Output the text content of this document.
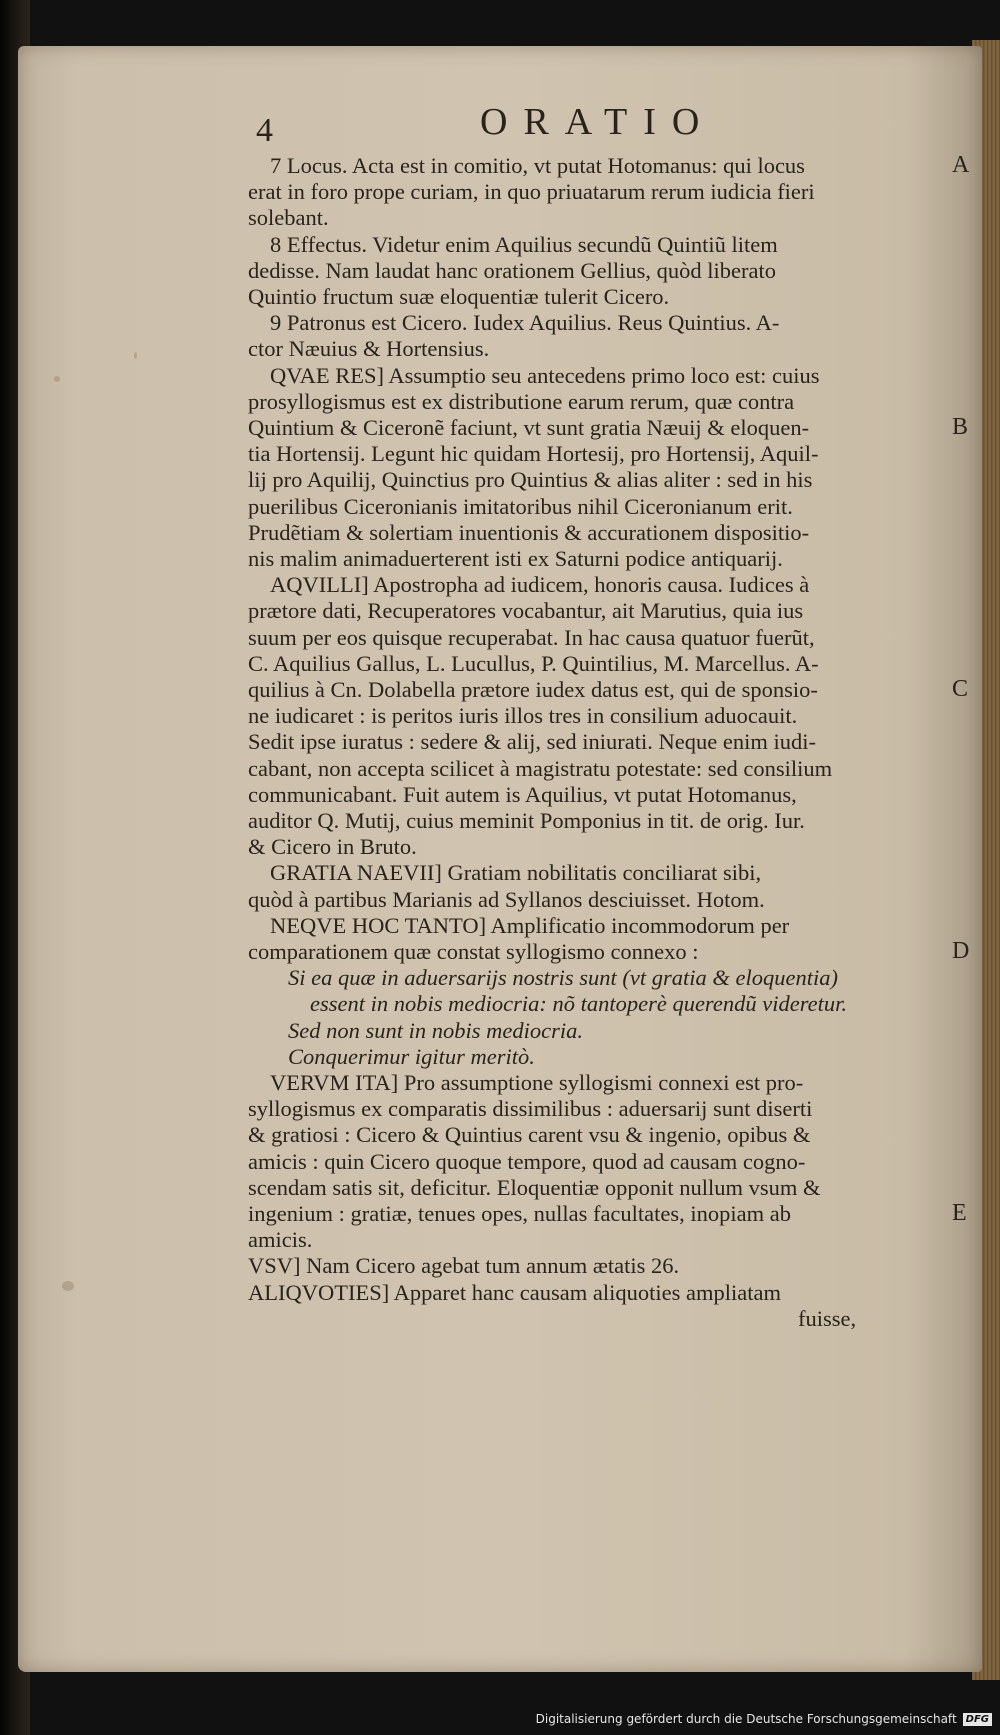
4	ORATIO
7 Locus. Acta est in comitio, vt putat Hotomanus: qui locus
erat in foro prope curiam, in quo priuatarum rerum iudicia fieri
solebant.
8 Effectus. Videtur enim Aquilius secundũ Quintiũ litem
dedisse. Nam laudat hanc orationem Gellius, quòd liberato
Quintio fructum suæ eloquentiæ tulerit Cicero.
9 Patronus est Cicero. Iudex Aquilius. Reus Quintius. A-
ctor Næuius & Hortensius.
QVAE RES] Assumptio seu antecedens primo loco est: cuius
prosyllogismus est ex distributione earum rerum, quæ contra
Quintium & Ciceronẽ faciunt, vt sunt gratia Næuij & eloquen-
tia Hortensij. Legunt hic quidam Hortesij, pro Hortensij, Aquil-
lij pro Aquilij, Quinctius pro Quintius & alias aliter : sed in his
puerilibus Ciceronianis imitatoribus nihil Ciceronianum erit.
Prudẽtiam & solertiam inuentionis & accurationem dispositio-
nis malim animaduerterent isti ex Saturni podice antiquarij.
AQVILLI] Apostropha ad iudicem, honoris causa. Iudices à
prætore dati, Recuperatores vocabantur, ait Marutius, quia ius
suum per eos quisque recuperabat. In hac causa quatuor fuerũt,
C. Aquilius Gallus, L. Lucullus, P. Quintilius, M. Marcellus. A-
quilius à Cn. Dolabella prætore iudex datus est, qui de sponsio-
ne iudicaret : is peritos iuris illos tres in consilium aduocauit.
Sedit ipse iuratus : sedere & alij, sed iniurati. Neque enim iudi-
cabant, non accepta scilicet à magistratu potestate: sed consilium
communicabant. Fuit autem is Aquilius, vt putat Hotomanus,
auditor Q. Mutij, cuius meminit Pomponius in tit. de orig. Iur.
& Cicero in Bruto.
GRATIA NAEVII] Gratiam nobilitatis conciliarat sibi,
quòd à partibus Marianis ad Syllanos desciuisset. Hotom.
NEQVE HOC TANTO] Amplificatio incommodorum per
comparationem quæ constat syllogismo connexo :
Si ea quæ in aduersarijs nostris sunt (vt gratia & eloquentia)
essent in nobis mediocria: nõ tantoperè querendũ videretur.
Sed non sunt in nobis mediocria.
Conquerimur igitur meritò.
VERVM ITA] Pro assumptione syllogismi connexi est pro-
syllogismus ex comparatis dissimilibus : aduersarij sunt diserti
& gratiosi : Cicero & Quintius carent vsu & ingenio, opibus &
amicis : quin Cicero quoque tempore, quod ad causam cogno-
scendam satis sit, deficitur. Eloquentiæ opponit nullum vsum &
ingenium : gratiæ, tenues opes, nullas facultates, inopiam ab
amicis.
VSV] Nam Cicero agebat tum annum ætatis 26.
ALIQVOTIES] Apparet hanc causam aliquoties ampliatam
fuisse,
A
B
C
D
E
Digitalisierung gefördert durch die Deutsche Forschungsgemeinschaft DFG
